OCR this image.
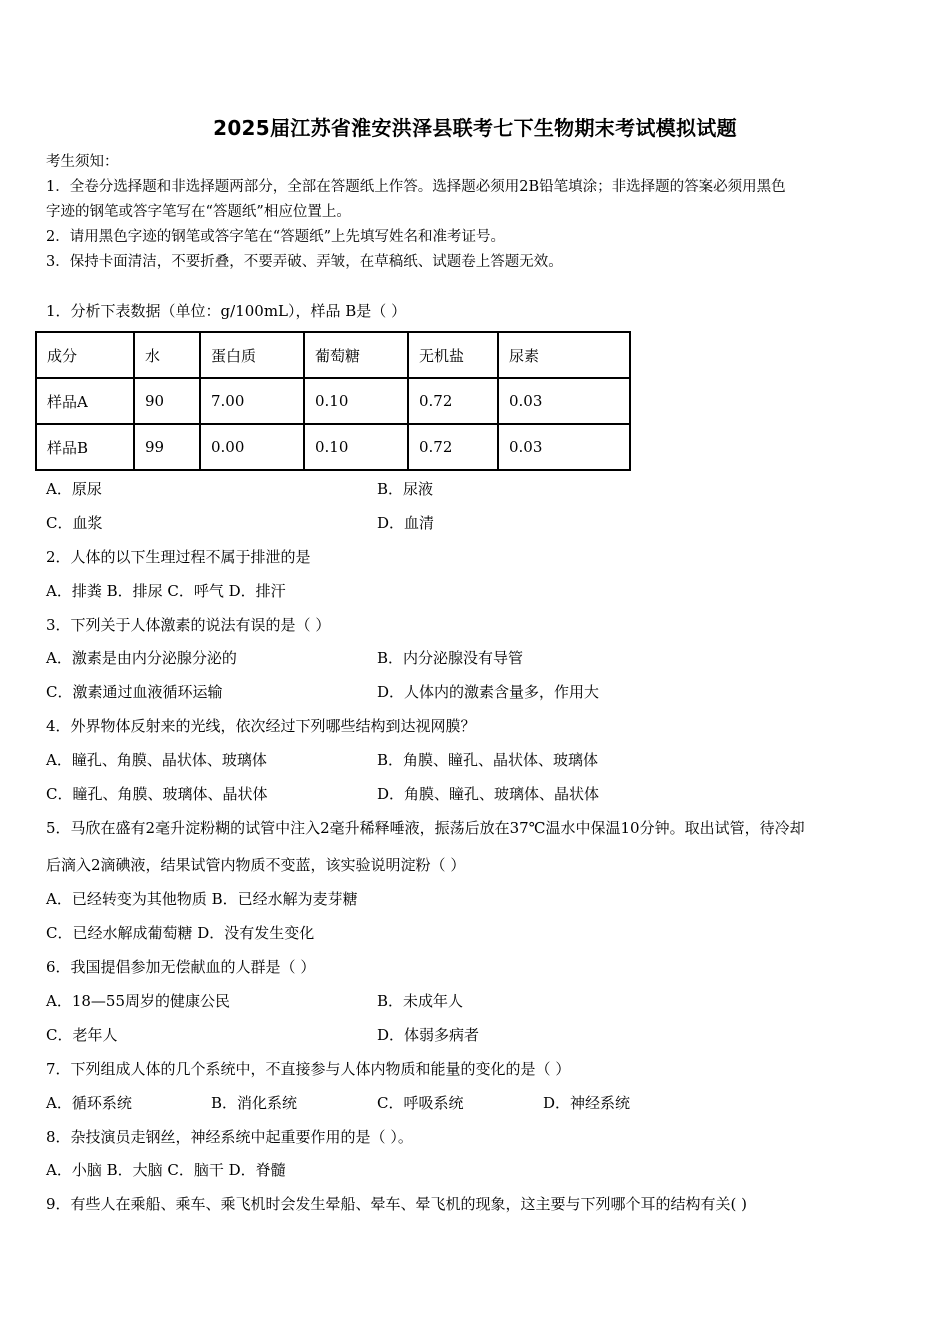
2025届江苏省淮安洪泽县联考七下生物期末考试模拟试题
考生须知：
1．全卷分选择题和非选择题两部分，全部在答题纸上作答。选择题必须用2B铅笔填涂；非选择题的答案必须用黑色
字迹的钢笔或答字笔写在“答题纸”相应位置上。
2．请用黑色字迹的钢笔或答字笔在“答题纸”上先填写姓名和准考证号。
3．保持卡面清洁，不要折叠，不要弄破、弄皱，在草稿纸、试题卷上答题无效。
1．分析下表数据（单位：g/100mL），样品 B是（ ）
成分	水	蛋白质	葡萄糖	无机盐	尿素
样品A	90	7.00	0.10	0.72	0.03
样品B	99	0.00	0.10	0.72	0.03
A．原尿	B．尿液
C．血浆	D．血清
2．人体的以下生理过程不属于排泄的是
A．排粪 B．排尿 C．呼气 D．排汗
3．下列关于人体激素的说法有误的是（ ）
A．激素是由内分泌腺分泌的	B．内分泌腺没有导管
C．激素通过血液循环运输	D．人体内的激素含量多，作用大
4．外界物体反射来的光线，依次经过下列哪些结构到达视网膜？
A．瞳孔、角膜、晶状体、玻璃体	B．角膜、瞳孔、晶状体、玻璃体
C．瞳孔、角膜、玻璃体、晶状体	D．角膜、瞳孔、玻璃体、晶状体
5．马欣在盛有2毫升淀粉糊的试管中注入2毫升稀释唾液，振荡后放在37℃温水中保温10分钟。取出试管，待冷却
后滴入2滴碘液，结果试管内物质不变蓝，该实验说明淀粉（ ）
A．已经转变为其他物质 B．已经水解为麦芽糖
C．已经水解成葡萄糖 D．没有发生变化
6．我国提倡参加无偿献血的人群是（ ）
A．18—55周岁的健康公民	B．未成年人
C．老年人	D．体弱多病者
7．下列组成人体的几个系统中，不直接参与人体内物质和能量的变化的是（ ）
A．循环系统	B．消化系统	C．呼吸系统	D．神经系统
8．杂技演员走钢丝，神经系统中起重要作用的是（ ）。
A．小脑 B．大脑 C．脑干 D．脊髓
9．有些人在乘船、乘车、乘飞机时会发生晕船、晕车、晕飞机的现象，这主要与下列哪个耳的结构有关( )
